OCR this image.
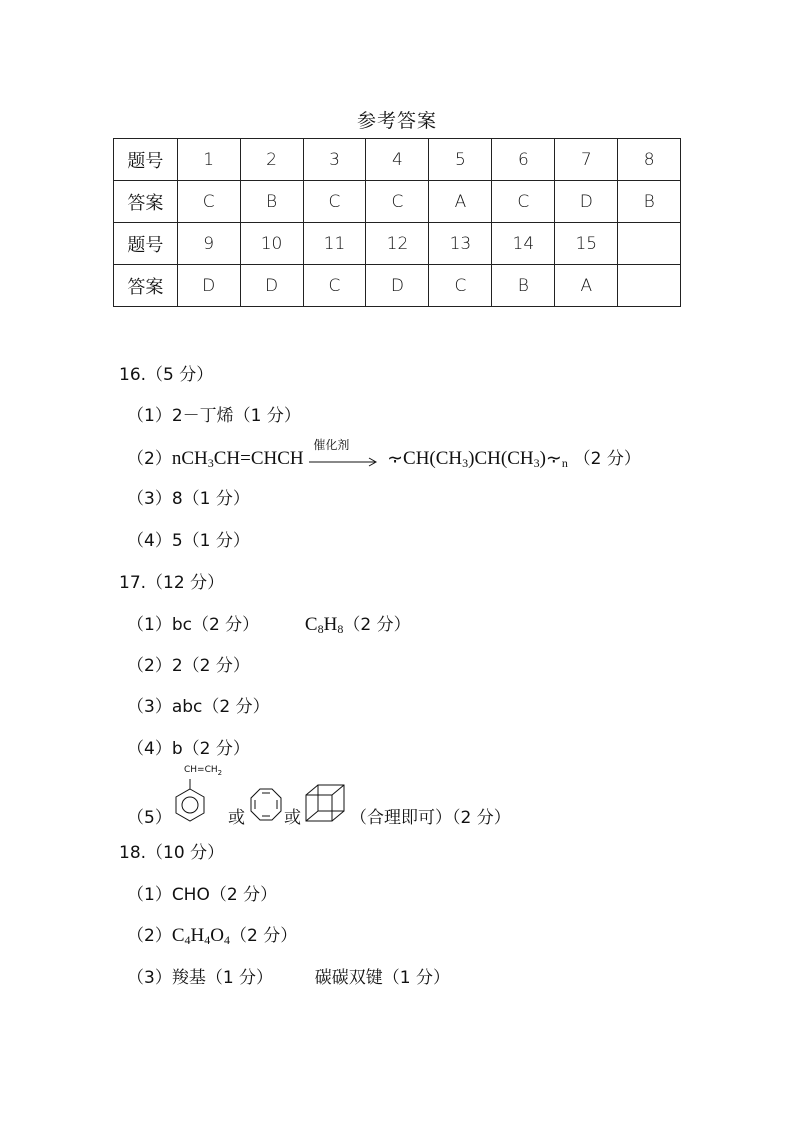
参考答案
题号	1	2	3	4	5	6	7	8
答案	C	B	C	C	A	C	D	B
题号	9	10	11	12	13	14	15	
答案	D	D	C	D	C	B	A	
16.（5 分）
（1）2－丁烯（1 分）
（2）nCH$_3$CH=CHCH
催化剂
$⸟CH(CH_3)CH(CH_3)⸟_n$ （2 分）
（3）8（1 分）
（4）5（1 分）
17.（12 分）
（1）bc（2 分） $C_8H_8(2$ 分）
（2）2（2 分）
（3）abc（2 分）
（4）b（2 分）
（5）
$CH=CH_2$
或 或	（合理即可）（2 分）
18.（10 分）
（1）CHO（2 分）
$(2)C_4H_4O_4(2$ 分）
（3）羧基（1 分） 碳碳双键（1 分）
